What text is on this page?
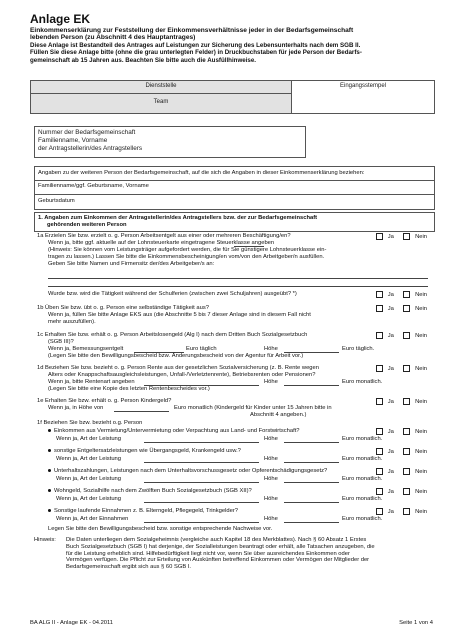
Anlage EK
Einkommenserklärung zur Feststellung der Einkommensverhältnisse jeder in der Bedarfsgemeinschaft
lebenden Person (zu Abschnitt 4 des Hauptantrages)
Diese Anlage ist Bestandteil des Antrages auf Leistungen zur Sicherung des Lebensunterhalts nach dem SGB II.
Füllen Sie diese Anlage bitte (ohne die grau unterlegten Felder) in Druckbuchstaben für jede Person der Bedarfs-
gemeinschaft ab 15 Jahren aus. Beachten Sie bitte auch die Ausfüllhinweise.
Dienststelle
Team
Eingangsstempel
Nummer der Bedarfsgemeinschaft
Familienname, Vorname
der Antragstellerin/des Antragstellers
Angaben zu der weiteren Person der Bedarfsgemeinschaft, auf die sich die Angaben in dieser Einkommenserklärung beziehen:
Familienname/ggf. Geburtsname, Vorname
Geburtsdatum
1. Angaben zum Einkommen der Antragstellerin/des Antragstellers bzw. der zur Bedarfsgemeinschaft
gehörenden weiteren Person
1a Erzielen Sie bzw. erzielt o. g. Person Arbeitsentgelt aus einer oder mehreren Beschäftigung/en?	Ja	Nein
Wenn ja, bitte ggf. aktuelle auf der Lohnsteuerkarte eingetragene Steuerklasse angeben
(Hinweis: Sie können vom Leistungsträger aufgefordert werden, die für Sie günstigere Lohnsteuerklasse ein-
tragen zu lassen.) Lassen Sie bitte die Einkommensbescheinigung/en vom/von den Arbeitgeber/n ausfüllen.
Geben Sie bitte Namen und Firmensitz der/des Arbeitgeber/s an:
Wurde bzw. wird die Tätigkeit während der Schulferien (zwischen zwei Schuljahren) ausgeübt? *)	Ja	Nein
1b Üben Sie bzw. übt o. g. Person eine selbständige Tätigkeit aus?	Ja	Nein
Wenn ja, füllen Sie bitte Anlage EKS aus (die Abschnitte 5 bis 7 dieser Anlage sind in diesem Fall nicht
mehr auszufüllen).
1c Erhalten Sie bzw. erhält o. g. Person Arbeitslosengeld (Alg I) nach dem Dritten Buch Sozialgesetzbuch
(SGB III)?
Ja	Nein
Wenn ja, Bemessungsentgelt	Euro täglich	Höhe	Euro täglich.
(Legen Sie bitte den Bewilligungsbescheid bzw. Änderungsbescheid von der Agentur für Arbeit vor.)
1d Beziehen Sie bzw. bezieht o. g. Person Rente aus der gesetzlichen Sozialversicherung (z. B. Rente wegen	Ja	Nein
Alters oder Knappschaftsausgleichsleistungen, Unfall-/Verletztenrente), Betriebsrenten oder Pensionen?
Wenn ja, bitte Rentenart angeben	Höhe	Euro monatlich.
(Legen Sie bitte eine Kopie des letzten Rentenbescheides vor.)
1e Erhalten Sie bzw. erhält o. g. Person Kindergeld?	Ja	Nein
Wenn ja, in Höhe von	Euro monatlich (Kindergeld für Kinder unter 15 Jahren bitte in
Abschnitt 4 angeben.)
1f Beziehen Sie bzw. bezieht o.g. Person
Einkommen aus Vermietung/Untervermietung oder Verpachtung aus Land- und Forstwirtschaft?	Ja	Nein
Wenn ja, Art der Leistung	Höhe	Euro monatlich.
sonstige Entgeltersatzleistungen wie Übergangsgeld, Krankengeld usw.?	Ja	Nein
Wenn ja, Art der Leistung	Höhe	Euro monatlich.
Unterhaltszahlungen, Leistungen nach dem Unterhaltsvorschussgesetz oder Opferentschädigungsgesetz?	Ja	Nein
Wenn ja, Art der Leistung	Höhe	Euro monatlich.
Wohngeld, Sozialhilfe nach dem Zwölften Buch Sozialgesetzbuch (SGB XII)?	Ja	Nein
Wenn ja, Art der Leistung	Höhe	Euro monatlich.
Sonstige laufende Einnahmen z. B. Elterngeld, Pflegegeld, Trinkgelder?	Ja	Nein
Wenn ja, Art der Einnahmen	Höhe	Euro monatlich.
Legen Sie bitte den Bewilligungsbescheid bzw. sonstige entsprechende Nachweise vor.
Hinweis: Die Daten unterliegen dem Sozialgeheimnis (vergleiche auch Kapitel 18 des Merkblattes). Nach § 60 Absatz 1 Erstes
Buch Sozialgesetzbuch (SGB I) hat derjenige, der Sozialleistungen beantragt oder erhält, alle Tatsachen anzugeben, die
für die Leistung erheblich sind. Hilfebedürftigkeit liegt nicht vor, wenn Sie über ausreichendes Einkommen oder
Vermögen verfügen. Die Pflicht zur Erteilung von Auskünften betreffend Einkommen oder Vermögen der Mitglieder der
Bedarfsgemeinschaft ergibt sich aus § 60 SGB I.
BA ALG II - Anlage EK - 04.2011	Seite 1 von 4
